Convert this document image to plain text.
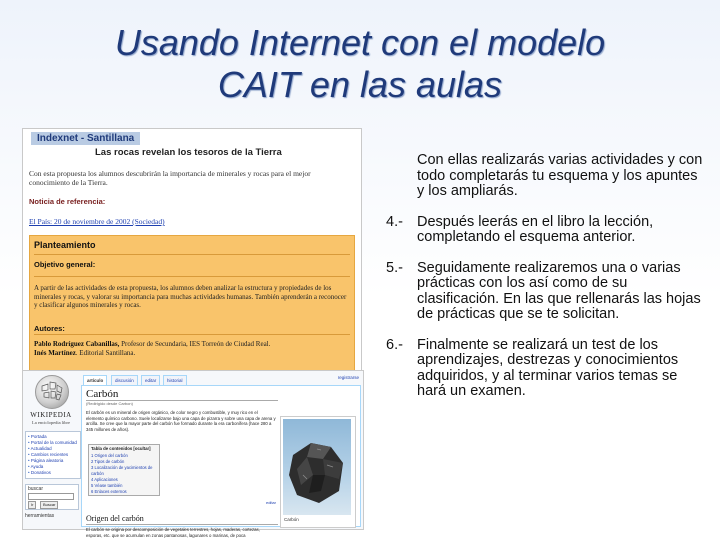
Usando Internet con el modelo
CAIT en las aulas
Indexnet - Santillana
Las rocas revelan los tesoros de la Tierra
Con esta propuesta los alumnos descubrirán la importancia de minerales y rocas para el mejor conocimiento de la Tierra.
Noticia de referencia:
El País: 20 de noviembre de 2002 (Sociedad)
Planteamiento
Objetivo general:
A partir de las actividades de esta propuesta, los alumnos deben analizar la estructura y propiedades de los minerales y rocas, y valorar su importancia para muchas actividades humanas. También aprenderán a reconocer y clasificar algunos minerales y rocas.
Autores:
Pablo Rodríguez Cabanillas, Profesor de Secundaria, IES Torreón de Ciudad Real.
Inés Martínez. Editorial Santillana.
WIKIPEDIA
La enciclopedia libre
• Portada
• Portal de la comunidad
• Actualidad
• Cambios recientes
• Página aleatoria
• Ayuda
• Donativos
buscar
Ir	Buscar
herramientas
artículo	discusión	editar	historial
registrarse
Carbón
(Redirigido desde Carbon)
El carbón es un mineral de origen orgánico, de color negro y combustible, y muy rico en el elemento químico carbono. Suele localizarse bajo una capa de pizarra y sobre una capa de arena y arcilla. Se cree que la mayor parte del carbón fue formado durante la era carbonífera (hace 280 a 345 millones de años).
Tabla de contenidos [ocultar]
1 Origen del carbón
2 Tipos de carbón
3 Localización de yacimientos de carbón
4 Aplicaciones
5 Véase también
6 Enlaces externos
editar
Origen del carbón
El carbón se origina por descomposición de vegetales terrestres, hojas, maderas, cortezas, esporas, etc. que se acumulan en zonas pantanosas, lagunares o marinas, de poca
Carbón
Con ellas realizarás varias actividades y con todo completarás tu esquema y los apuntes y los ampliarás.
4.- Después leerás en el libro la lección, completando el esquema anterior.
5.- Seguidamente realizaremos una o varias prácticas con los así como de su clasificación. En las que rellenarás las hojas de prácticas que se te solicitan.
6.- Finalmente se realizará un test de los aprendizajes, destrezas y conocimientos adquiridos, y al terminar varios temas se hará un examen.
